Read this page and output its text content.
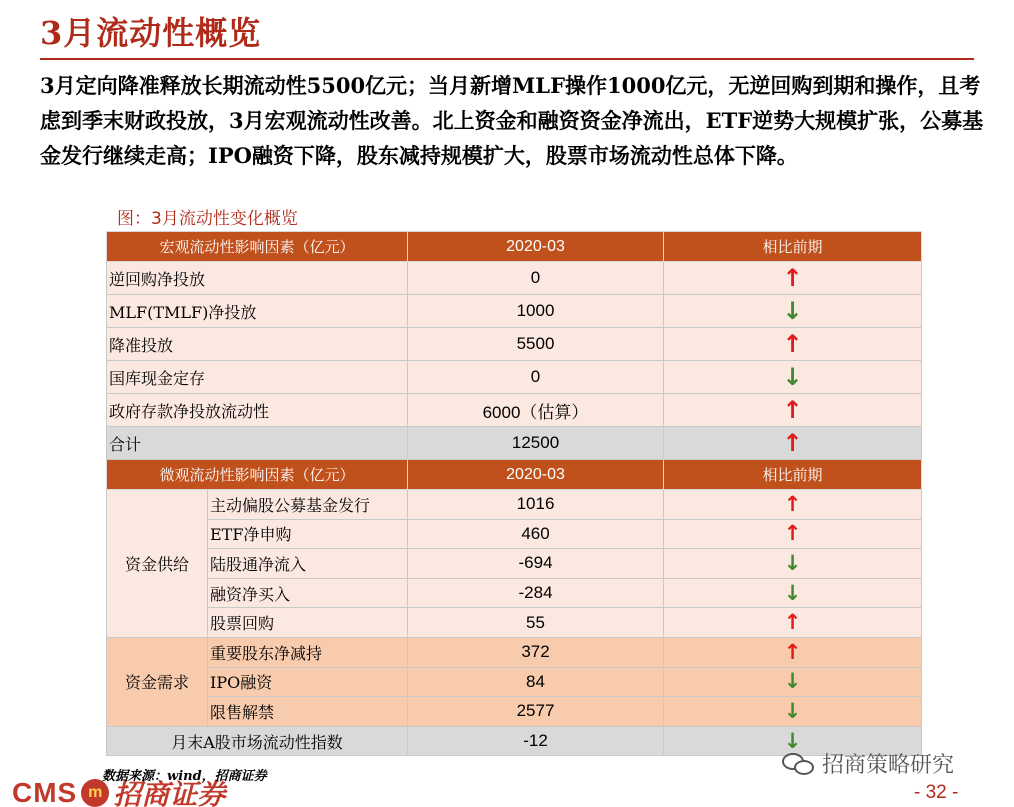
3月流动性概览
3月定向降准释放长期流动性5500亿元；当月新增MLF操作1000亿元，无逆回购到期和操作，且考虑到季末财政投放，3月宏观流动性改善。北上资金和融资资金净流出，ETF逆势大规模扩张，公募基金发行继续走高；IPO融资下降，股东减持规模扩大，股票市场流动性总体下降。
图：3月流动性变化概览
宏观流动性影响因素（亿元）		2020-03	相比前期
逆回购净投放		0	↑
MLF(TMLF)净投放		1000	↓
降准投放		5500	↑
国库现金定存		0	↓
政府存款净投放流动性		6000（估算）	↑
合计		12500	↑
微观流动性影响因素（亿元）		2020-03	相比前期
资金供给	主动偏股公募基金发行	1016	↑
	ETF净申购	460	↑
	陆股通净流入	-694	↓
	融资净买入	-284	↓
	股票回购	55	↑
资金需求	重要股东净减持	372	↑
	IPO融资	84	↓
	限售解禁	2577	↓
月末A股市场流动性指数		-12	↓
招商策略研究
CMS m 招商证券
数据来源：wind，招商证券
- 32 -
